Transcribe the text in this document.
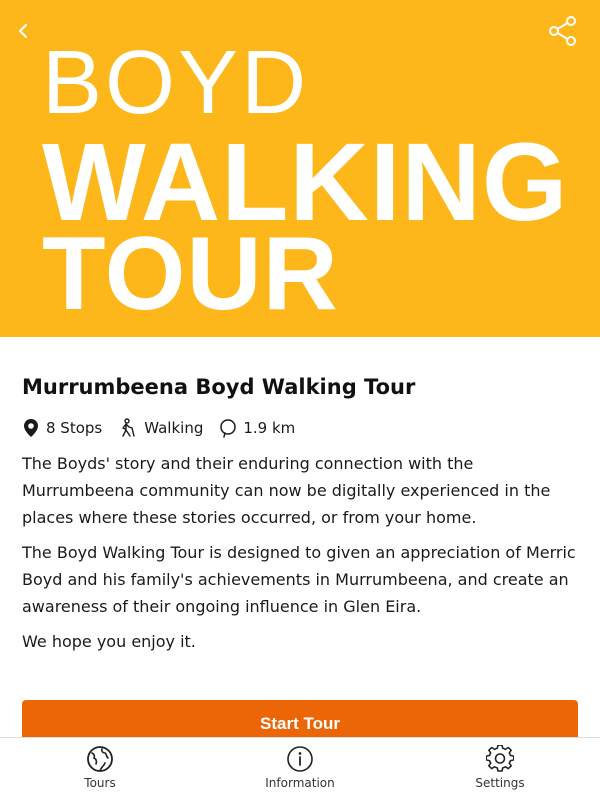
BOYD
WALKING
TOUR
Murrumbeena Boyd Walking Tour
8 Stops	Walking	1.9 km

The Boyds' story and their enduring connection with the Murrumbeena community can now be digitally experienced in the places where these stories occurred, or from your home.

The Boyd Walking Tour is designed to given an appreciation of Merric Boyd and his family's achievements in Murrumbeena, and create an awareness of their ongoing influence in Glen Eira.

We hope you enjoy it.

Start Tour
Tours	Information	Settings
